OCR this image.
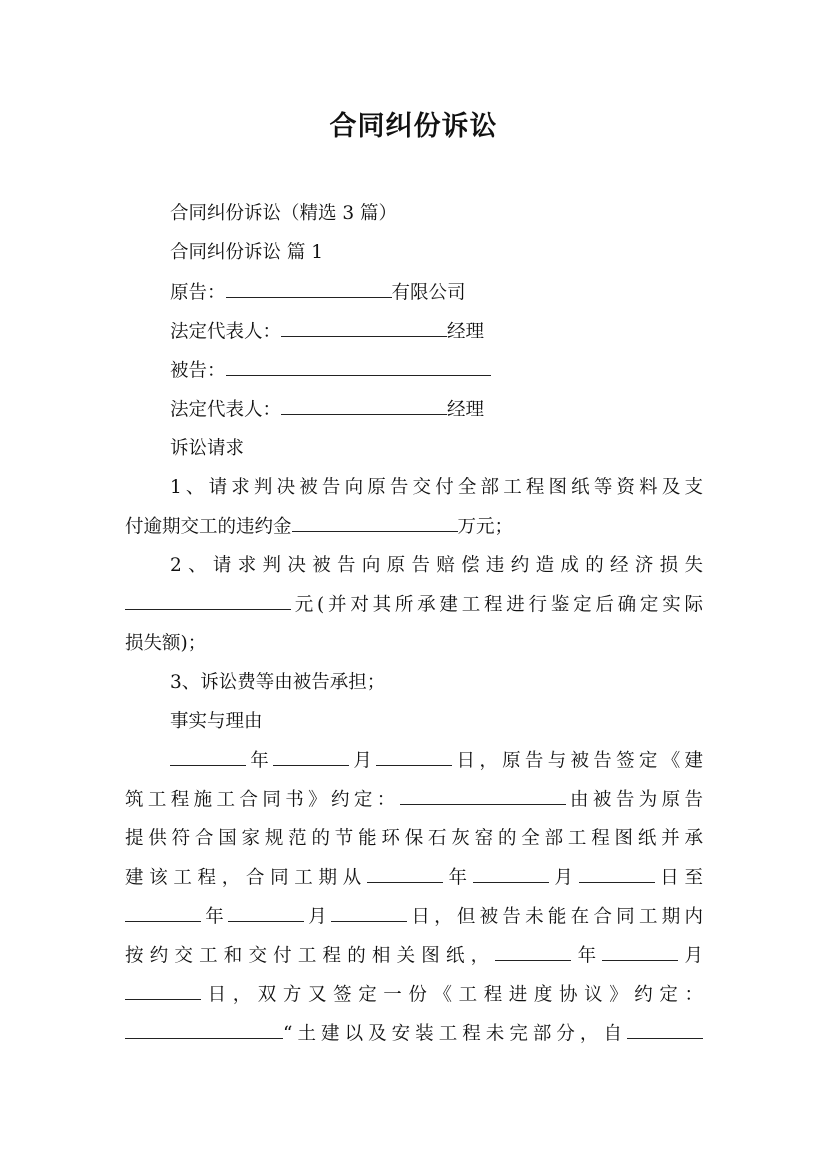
合同纠份诉讼
合同纠份诉讼（精选 3 篇）
合同纠份诉讼 篇 1
原告：	有限公司
法定代表人：	经理
被告：
法定代表人：	经理
诉讼请求
1、请求判决被告向原告交付全部工程图纸等资料及支
付逾期交工的违约金	万元；
2、请求判决被告向原告赔偿违约造成的经济损失
元(并对其所承建工程进行鉴定后确定实际
损失额)；
3、诉讼费等由被告承担；
事实与理由
年	月	日，原告与被告签定《建
筑工程施工合同书》约定：	由被告为原告
提供符合国家规范的节能环保石灰窑的全部工程图纸并承
建该工程，合同工期从	年	月	日至
年	月	日，但被告未能在合同工期内
按约交工和交付工程的相关图纸，	年	月
日，双方又签定一份《工程进度协议》约定：
“土建以及安装工程未完部分，自
